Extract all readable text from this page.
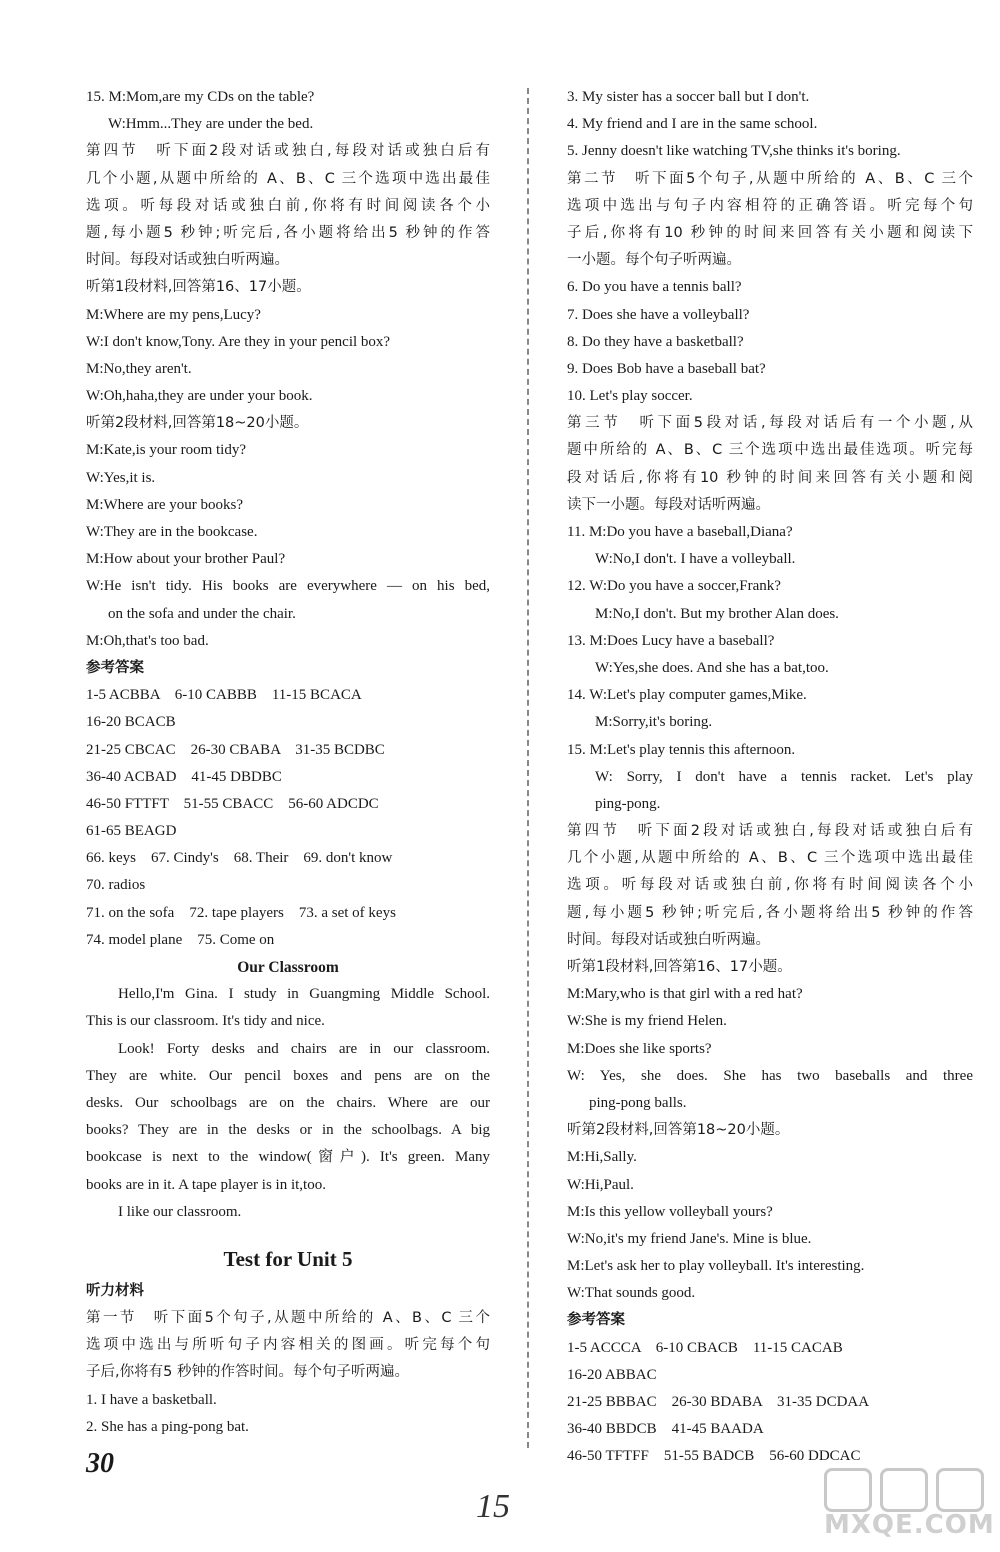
15. M:Mom,are my CDs on the table?
W:Hmm...They are under the bed.
第四节　听下面2段对话或独白,每段对话或独白后有
几个小题,从题中所给的 A、B、C 三个选项中选出最佳
选项。听每段对话或独白前,你将有时间阅读各个小
题,每小题5 秒钟;听完后,各小题将给出5 秒钟的作答
时间。每段对话或独白听两遍。
听第1段材料,回答第16、17小题。
M:Where are my pens,Lucy?
W:I don't know,Tony. Are they in your pencil box?
M:No,they aren't.
W:Oh,haha,they are under your book.
听第2段材料,回答第18~20小题。
M:Kate,is your room tidy?
W:Yes,it is.
M:Where are your books?
W:They are in the bookcase.
M:How about your brother Paul?
W:He isn't tidy. His books are everywhere — on his bed,
on the sofa and under the chair.
M:Oh,that's too bad.
参考答案
1-5 ACBBA　6-10 CABBB　11-15 BCACA
16-20 BCACB
21-25 CBCAC　26-30 CBABA　31-35 BCDBC
36-40 ACBAD　41-45 DBDBC
46-50 FTTFT　51-55 CBACC　56-60 ADCDC
61-65 BEAGD
66. keys　67. Cindy's　68. Their　69. don't know
70. radios
71. on the sofa　72. tape players　73. a set of keys
74. model plane　75. Come on
Our Classroom
Hello,I'm Gina. I study in Guangming Middle School.
This is our classroom. It's tidy and nice.
Look! Forty desks and chairs are in our classroom.
They are white. Our pencil boxes and pens are on the
desks. Our schoolbags are on the chairs. Where are our
books? They are in the desks or in the schoolbags. A big
bookcase is next to the window(窗户). It's green. Many
books are in it. A tape player is in it,too.
I like our classroom.
Test for Unit 5
听力材料
第一节　听下面5个句子,从题中所给的 A、B、C 三个
选项中选出与所听句子内容相关的图画。听完每个句
子后,你将有5 秒钟的作答时间。每个句子听两遍。
1. I have a basketball.
2. She has a ping-pong bat.
3. My sister has a soccer ball but I don't.
4. My friend and I are in the same school.
5. Jenny doesn't like watching TV,she thinks it's boring.
第二节　听下面5个句子,从题中所给的 A、B、C 三个
选项中选出与句子内容相符的正确答语。听完每个句
子后,你将有10 秒钟的时间来回答有关小题和阅读下
一小题。每个句子听两遍。
6. Do you have a tennis ball?
7. Does she have a volleyball?
8. Do they have a basketball?
9. Does Bob have a baseball bat?
10. Let's play soccer.
第三节　听下面5段对话,每段对话后有一个小题,从
题中所给的 A、B、C 三个选项中选出最佳选项。听完每
段对话后,你将有10 秒钟的时间来回答有关小题和阅
读下一小题。每段对话听两遍。
11. M:Do you have a baseball,Diana?
W:No,I don't. I have a volleyball.
12. W:Do you have a soccer,Frank?
M:No,I don't. But my brother Alan does.
13. M:Does Lucy have a baseball?
W:Yes,she does. And she has a bat,too.
14. W:Let's play computer games,Mike.
M:Sorry,it's boring.
15. M:Let's play tennis this afternoon.
W: Sorry, I don't have a tennis racket. Let's play
ping-pong.
第四节　听下面2段对话或独白,每段对话或独白后有
几个小题,从题中所给的 A、B、C 三个选项中选出最佳
选项。听每段对话或独白前,你将有时间阅读各个小
题,每小题5 秒钟;听完后,各小题将给出5 秒钟的作答
时间。每段对话或独白听两遍。
听第1段材料,回答第16、17小题。
M:Mary,who is that girl with a red hat?
W:She is my friend Helen.
M:Does she like sports?
W: Yes, she does. She has two baseballs and three
ping-pong balls.
听第2段材料,回答第18~20小题。
M:Hi,Sally.
W:Hi,Paul.
M:Is this yellow volleyball yours?
W:No,it's my friend Jane's. Mine is blue.
M:Let's ask her to play volleyball. It's interesting.
W:That sounds good.
参考答案
1-5 ACCCA　6-10 CBACB　11-15 CACAB
16-20 ABBAC
21-25 BBBAC　26-30 BDABA　31-35 DCDAA
36-40 BBDCB　41-45 BAADA
46-50 TFTFF　51-55 BADCB　56-60 DDCAC
30
15	MXQE.COM
